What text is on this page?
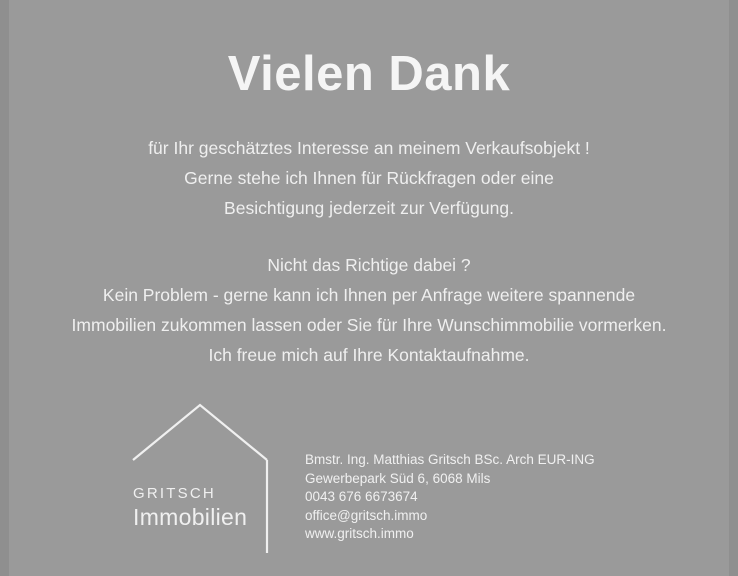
Vielen Dank

für Ihr geschätztes Interesse an meinem Verkaufsobjekt !

Gerne stehe ich Ihnen für Rückfragen oder eine

Besichtigung jederzeit zur Verfügung.

Nicht das Richtige dabei ?

Kein Problem - gerne kann ich Ihnen per Anfrage weitere spannende

Immobilien zukommen lassen oder Sie für Ihre Wunschimmobilie vormerken.

Ich freue mich auf Ihre Kontaktaufnahme.

GRITSCH
Immobilien
Bmstr. Ing. Matthias Gritsch BSc. Arch EUR-ING
Gewerbepark Süd 6, 6068 Mils
0043 676 6673674
office@gritsch.immo
www.gritsch.immo
